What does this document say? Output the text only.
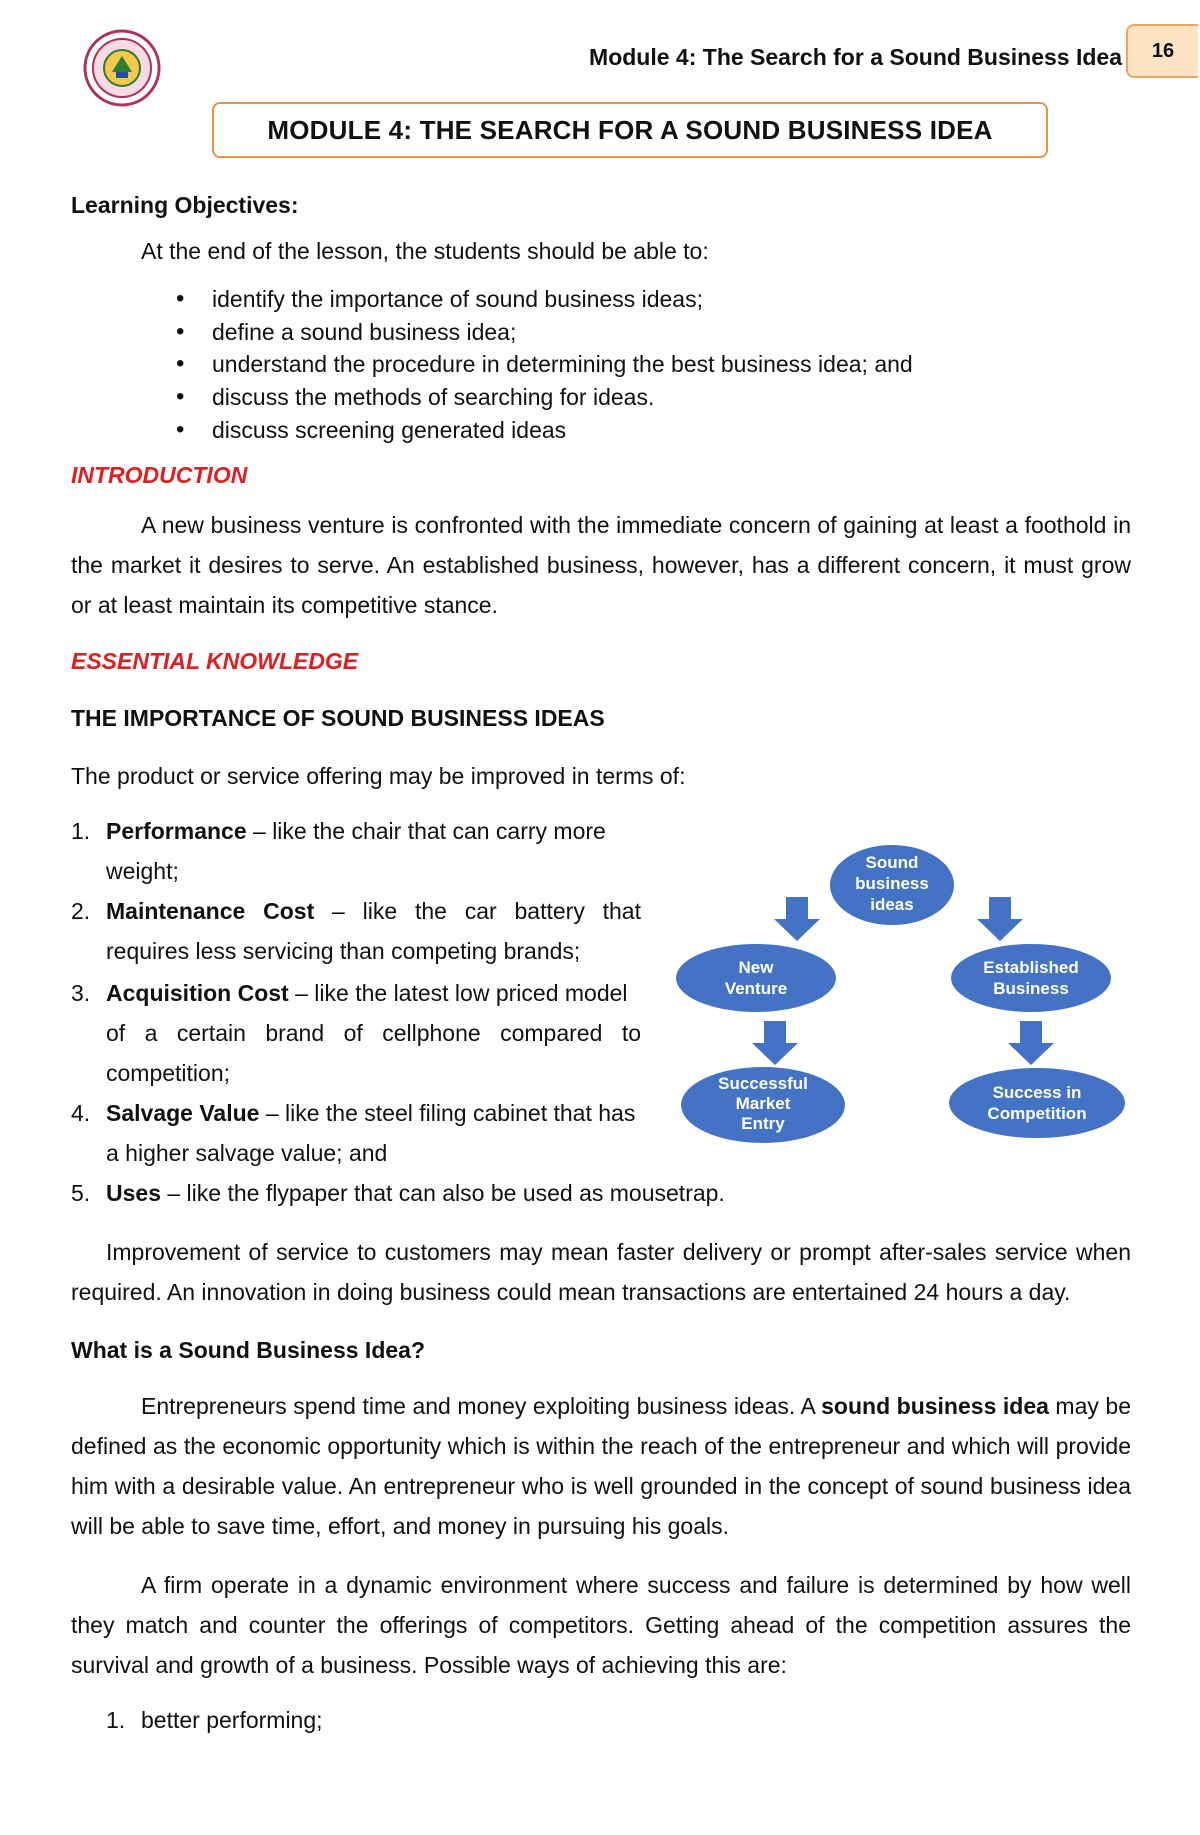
Module 4: The Search for a Sound Business Idea	16
MODULE 4: THE SEARCH FOR A SOUND BUSINESS IDEA
Learning Objectives:
At the end of the lesson, the students should be able to:
• identify the importance of sound business ideas;
• define a sound business idea;
• understand the procedure in determining the best business idea; and
• discuss the methods of searching for ideas.
• discuss screening generated ideas
INTRODUCTION
A new business venture is confronted with the immediate concern of gaining at least a foothold in the market it desires to serve. An established business, however, has a different concern, it must grow or at least maintain its competitive stance.
ESSENTIAL KNOWLEDGE
THE IMPORTANCE OF SOUND BUSINESS IDEAS
The product or service offering may be improved in terms of:
1. Performance – like the chair that can carry more
weight;
2. Maintenance Cost – like the car battery that
requires less servicing than competing brands;
3. Acquisition Cost – like the latest low priced model
of a certain brand of cellphone compared to
competition;
4. Salvage Value – like the steel filing cabinet that has
a higher salvage value; and
5. Uses – like the flypaper that can also be used as mousetrap.
Sound
business
ideas
New
Venture
Established
Business
Successful
Market
Entry
Success in
Competition
Improvement of service to customers may mean faster delivery or prompt after-sales service when required. An innovation in doing business could mean transactions are entertained 24 hours a day.
What is a Sound Business Idea?
Entrepreneurs spend time and money exploiting business ideas. A sound business idea may be defined as the economic opportunity which is within the reach of the entrepreneur and which will provide him with a desirable value. An entrepreneur who is well grounded in the concept of sound business idea will be able to save time, effort, and money in pursuing his goals.
A firm operate in a dynamic environment where success and failure is determined by how well they match and counter the offerings of competitors. Getting ahead of the competition assures the survival and growth of a business. Possible ways of achieving this are:
1. better performing;
